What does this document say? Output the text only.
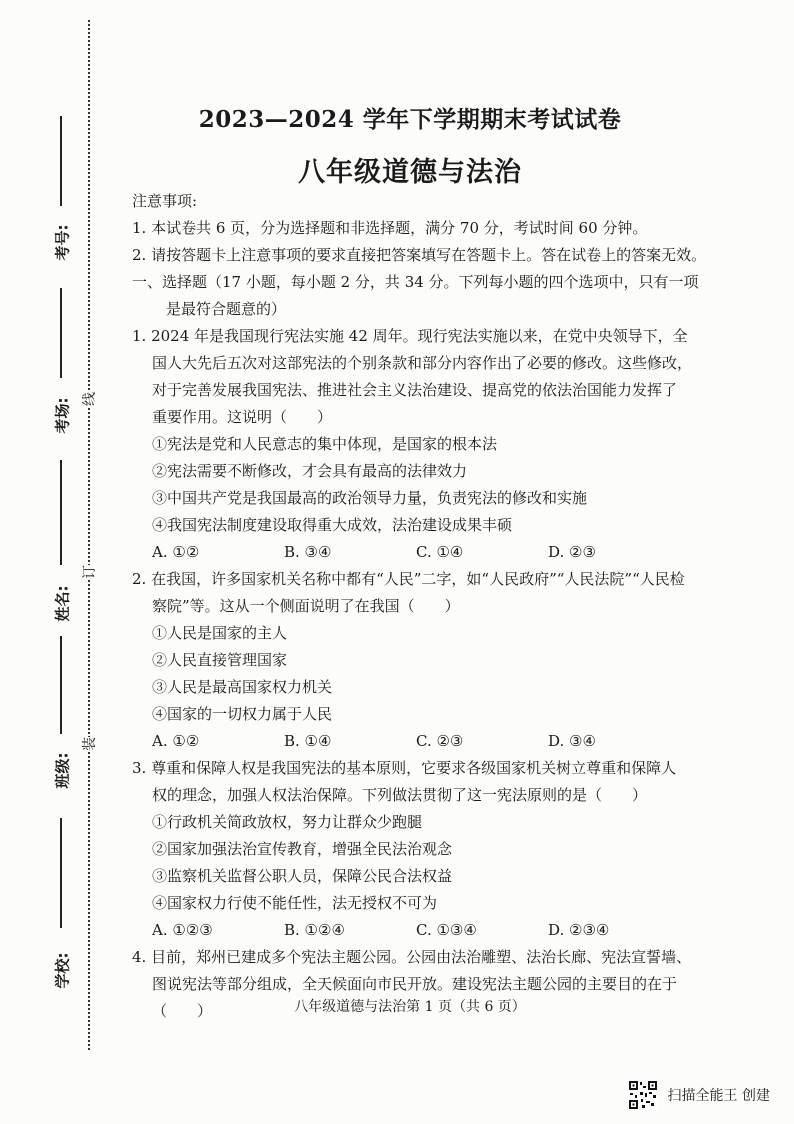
考号:
考场:
姓名:
班级:
学校:
线
订
装
2023—2024 学年下学期期末考试试卷
八年级道德与法治
注意事项:
1. 本试卷共 6 页，分为选择题和非选择题，满分 70 分，考试时间 60 分钟。
2. 请按答题卡上注意事项的要求直接把答案填写在答题卡上。答在试卷上的答案无效。
一、选择题（17 小题，每小题 2 分，共 34 分。下列每小题的四个选项中，只有一项
是最符合题意的）
1. 2024 年是我国现行宪法实施 42 周年。现行宪法实施以来，在党中央领导下，全
国人大先后五次对这部宪法的个别条款和部分内容作出了必要的修改。这些修改，
对于完善发展我国宪法、推进社会主义法治建设、提高党的依法治国能力发挥了
重要作用。这说明（　　）
①宪法是党和人民意志的集中体现，是国家的根本法
②宪法需要不断修改，才会具有最高的法律效力
③中国共产党是我国最高的政治领导力量，负责宪法的修改和实施
④我国宪法制度建设取得重大成效，法治建设成果丰硕
A. ①②	B. ③④	C. ①④	D. ②③
2. 在我国，许多国家机关名称中都有“人民”二字，如“人民政府”“人民法院”“人民检
察院”等。这从一个侧面说明了在我国（　　）
①人民是国家的主人
②人民直接管理国家
③人民是最高国家权力机关
④国家的一切权力属于人民
A. ①②	B. ①④	C. ②③	D. ③④
3. 尊重和保障人权是我国宪法的基本原则，它要求各级国家机关树立尊重和保障人
权的理念，加强人权法治保障。下列做法贯彻了这一宪法原则的是（　　）
①行政机关简政放权，努力让群众少跑腿
②国家加强法治宣传教育，增强全民法治观念
③监察机关监督公职人员，保障公民合法权益
④国家权力行使不能任性，法无授权不可为
A. ①②③	B. ①②④	C. ①③④	D. ②③④
4. 目前，郑州已建成多个宪法主题公园。公园由法治雕塑、法治长廊、宪法宣誓墙、
图说宪法等部分组成，全天候面向市民开放。建设宪法主题公园的主要目的在于
（　　）	八年级道德与法治第 1 页（共 6 页）
扫描全能王 创建
